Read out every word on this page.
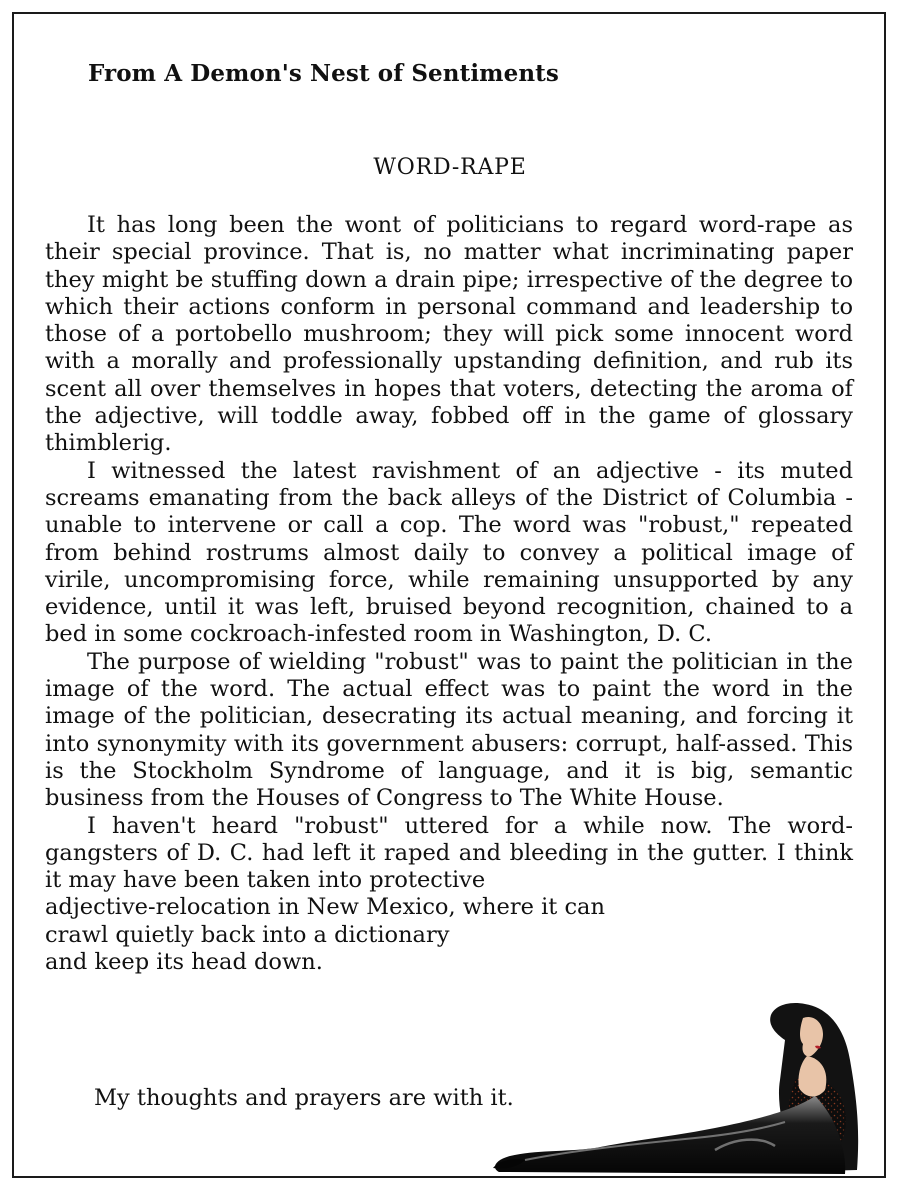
From A Demon's Nest of Sentiments
WORD-RAPE

It has long been the wont of politicians to regard word-rape as their special province. That is, no matter what incriminating paper they might be stuffing down a drain pipe; irrespective of the degree to which their actions conform in personal command and leadership to those of a portobello mushroom; they will pick some innocent word with a morally and professionally upstanding definition, and rub its scent all over themselves in hopes that voters, detecting the aroma of the adjective, will toddle away, fobbed off in the game of glossary thimblerig.

I witnessed the latest ravishment of an adjective - its muted screams emanating from the back alleys of the District of Columbia - unable to intervene or call a cop. The word was "robust," repeated from behind rostrums almost daily to convey a political image of virile, uncompromising force, while remaining unsupported by any evidence, until it was left, bruised beyond recognition, chained to a bed in some cockroach-infested room in Washington, D. C.

The purpose of wielding "robust" was to paint the politician in the image of the word. The actual effect was to paint the word in the image of the politician, desecrating its actual meaning, and forcing it into synonymity with its government abusers: corrupt, half-assed. This is the Stockholm Syndrome of language, and it is big, semantic business from the Houses of Congress to The White House.

I haven't heard "robust" uttered for a while now. The word-gangsters of D. C. had left it raped and bleeding in the gutter. I think it may have been taken into protective

adjective-relocation in New Mexico, where it can
crawl quietly back into a dictionary
and keep its head down.
My thoughts and prayers are with it.
